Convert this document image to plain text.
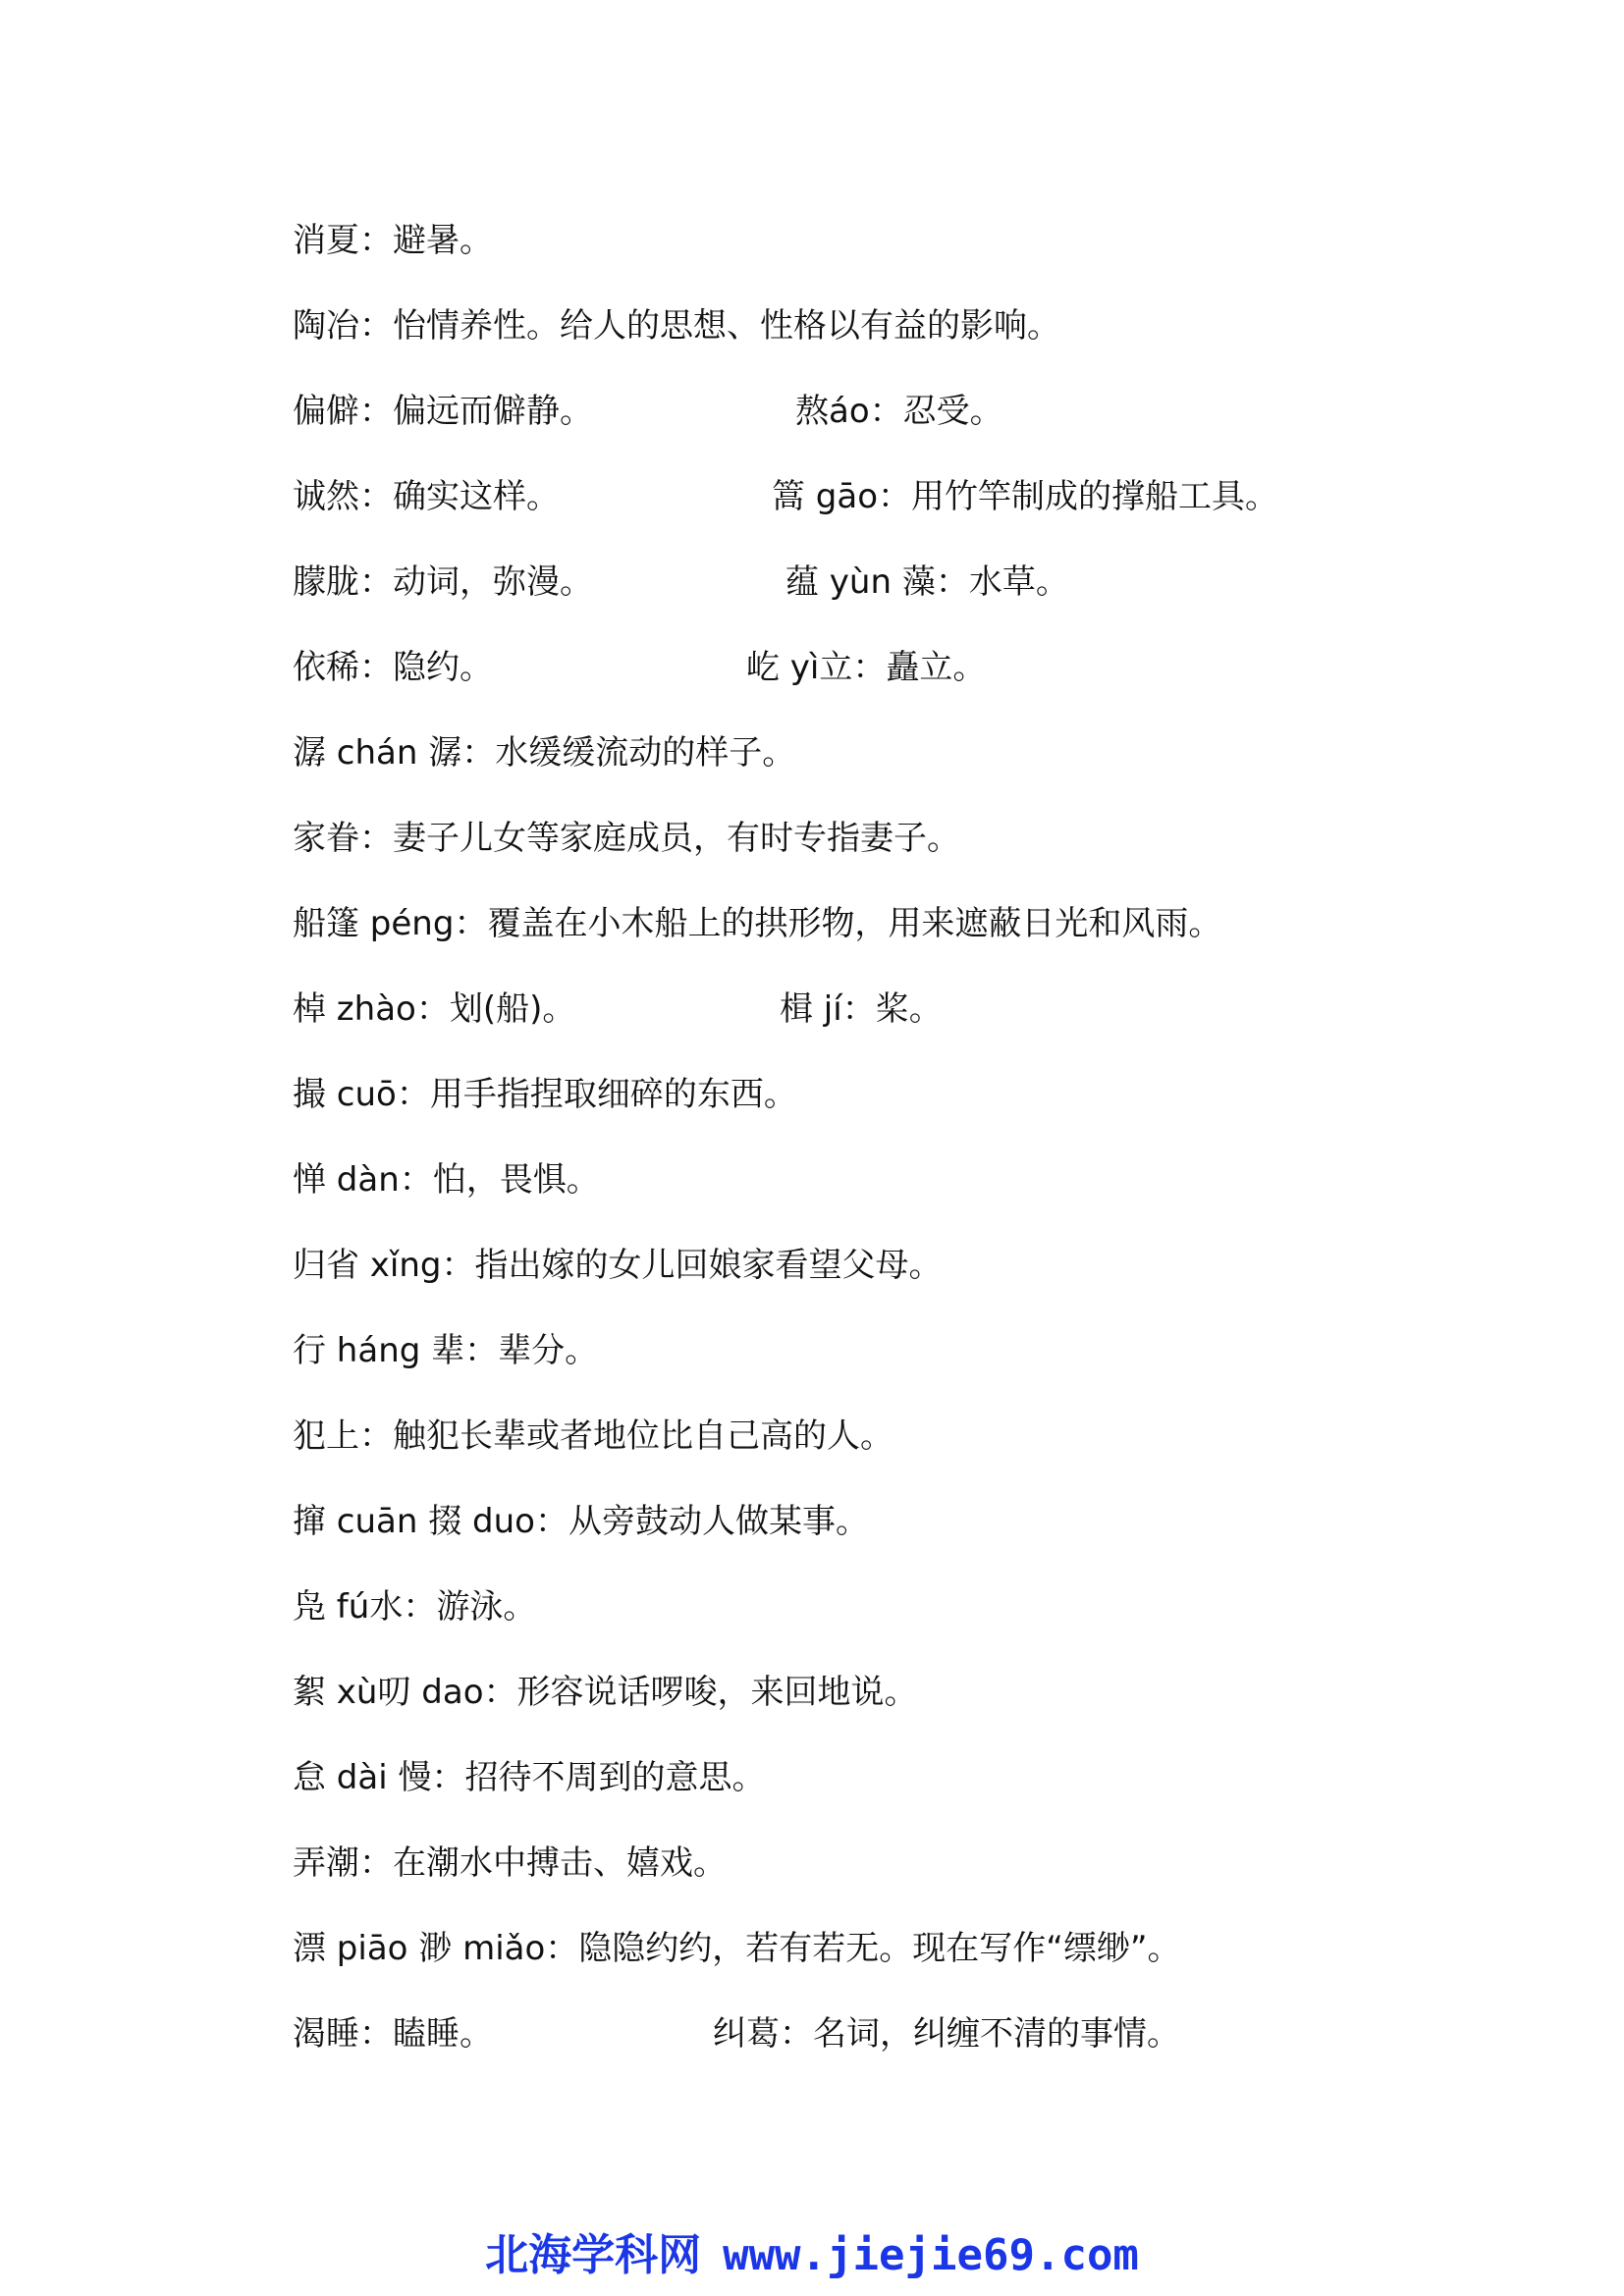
消夏：避暑。
陶冶：怡情养性。给人的思想、性格以有益的影响。
偏僻：偏远而僻静。	熬áo：忍受。
诚然：确实这样。	篙 gāo：用竹竿制成的撑船工具。
朦胧：动词，弥漫。	蕴 yùn 藻：水草。
依稀：隐约。	屹 yì立：矗立。
潺 chán 潺：水缓缓流动的样子。
家眷：妻子儿女等家庭成员，有时专指妻子。
船篷 péng：覆盖在小木船上的拱形物，用来遮蔽日光和风雨。
棹 zhào：划(船)。	楫 jí：桨。
撮 cuō：用手指捏取细碎的东西。
惮 dàn：怕，畏惧。
归省 xǐng：指出嫁的女儿回娘家看望父母。
行 háng 辈：辈分。
犯上：触犯长辈或者地位比自己高的人。
撺 cuān 掇 duo：从旁鼓动人做某事。
凫 fú水：游泳。
絮 xù叨 dao：形容说话啰唆，来回地说。
怠 dài 慢：招待不周到的意思。
弄潮：在潮水中搏击、嬉戏。
漂 piāo 渺 miǎo：隐隐约约，若有若无。现在写作“缥缈”。
渴睡：瞌睡。	纠葛：名词，纠缠不清的事情。
北海学科网 www.jiejie69.com
